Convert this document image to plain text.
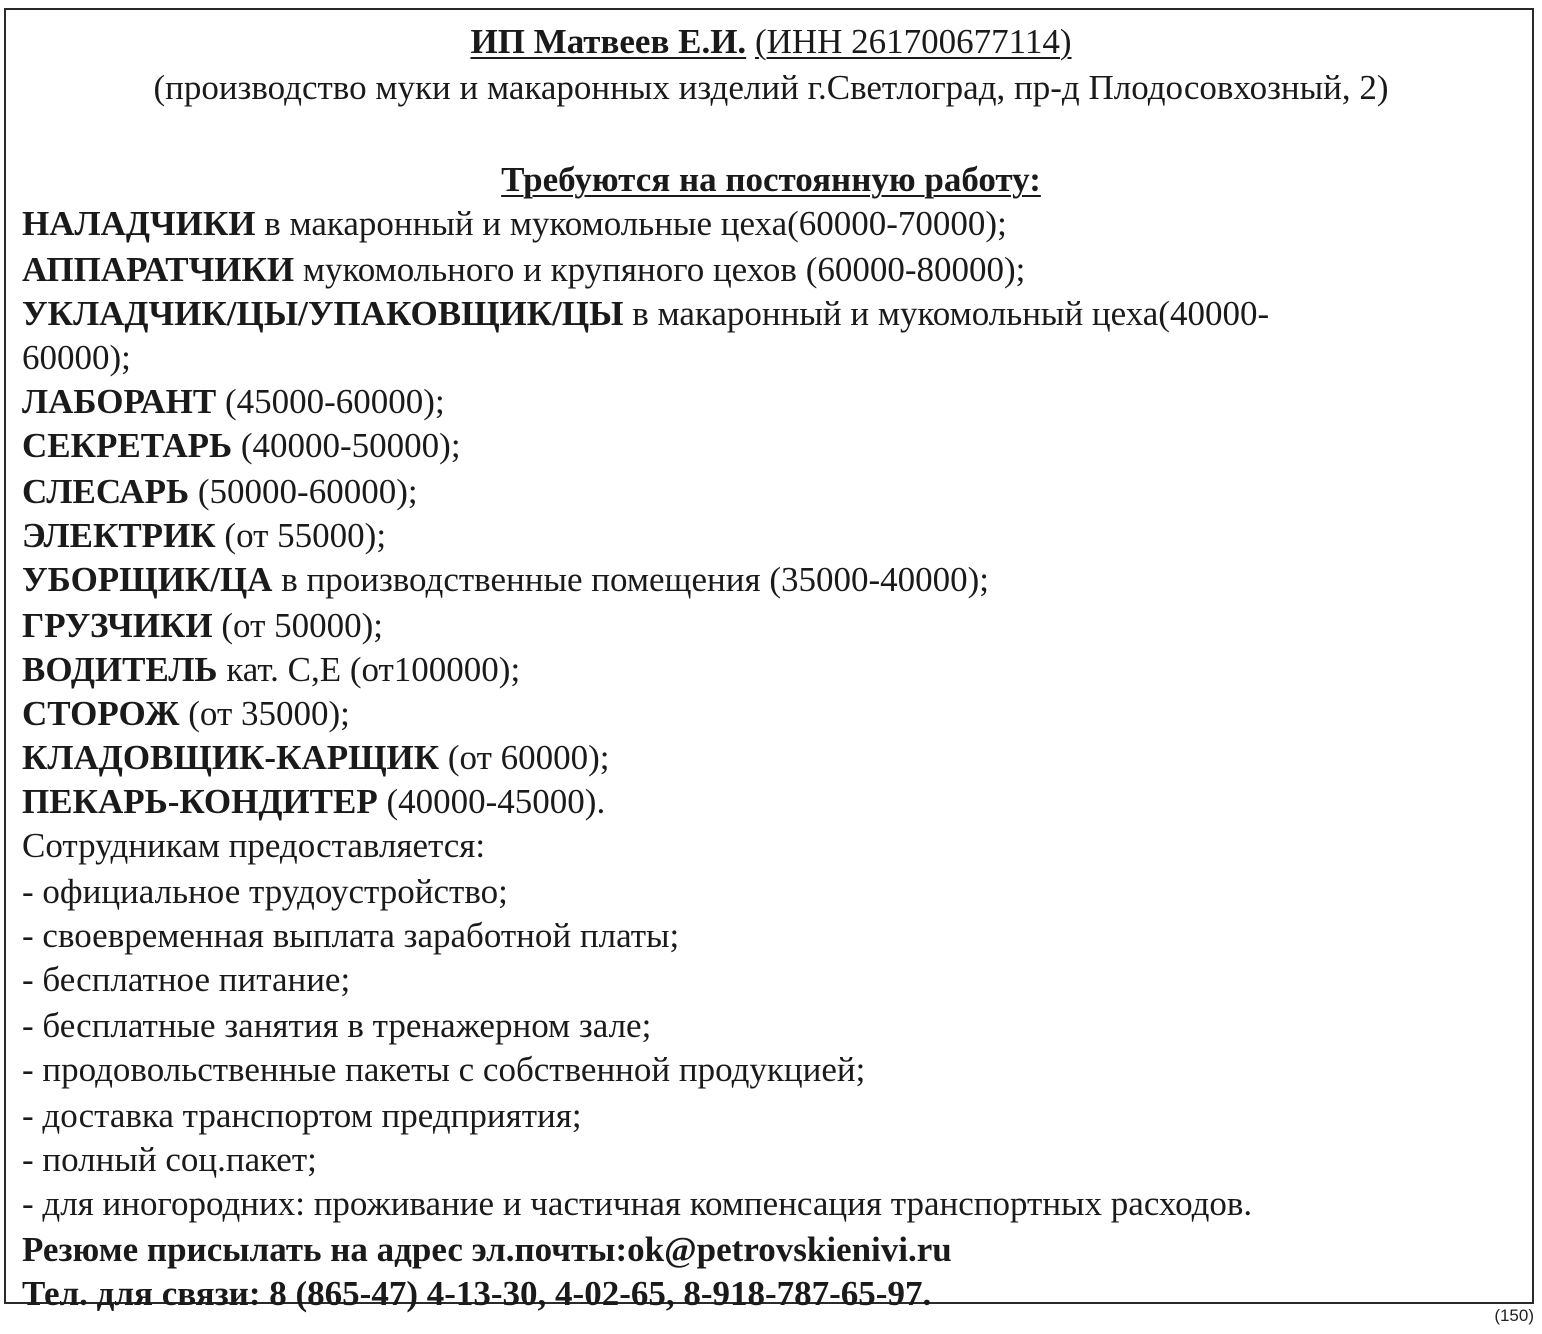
ИП Матвеев Е.И. (ИНН 261700677114)
(производство муки и макаронных изделий г.Светлоград, пр-д Плодосовхозный, 2)
Требуются на постоянную работу:
НАЛАДЧИКИ в макаронный и мукомольные цеха(60000-70000);
АППАРАТЧИКИ мукомольного и крупяного цехов (60000-80000);
УКЛАДЧИК/ЦЫ/УПАКОВЩИК/ЦЫ в макаронный и мукомольный цеха(40000-
60000);
ЛАБОРАНТ (45000-60000);
СЕКРЕТАРЬ (40000-50000);
СЛЕСАРЬ (50000-60000);
ЭЛЕКТРИК (от 55000);
УБОРЩИК/ЦА в производственные помещения (35000-40000);
ГРУЗЧИКИ (от 50000);
ВОДИТЕЛЬ кат. С,Е (от100000);
СТОРОЖ (от 35000);
КЛАДОВЩИК-КАРЩИК (от 60000);
ПЕКАРЬ-КОНДИТЕР (40000-45000).
Сотрудникам предоставляется:
- официальное трудоустройство;
- своевременная выплата заработной платы;
- бесплатное питание;
- бесплатные занятия в тренажерном зале;
- продовольственные пакеты с собственной продукцией;
- доставка транспортом предприятия;
- полный соц.пакет;
- для иногородних: проживание и частичная компенсация транспортных расходов.
Резюме присылать на адрес эл.почты:ok@petrovskienivi.ru
Тел. для связи: 8 (865-47) 4-13-30, 4-02-65, 8-918-787-65-97.
(150)
